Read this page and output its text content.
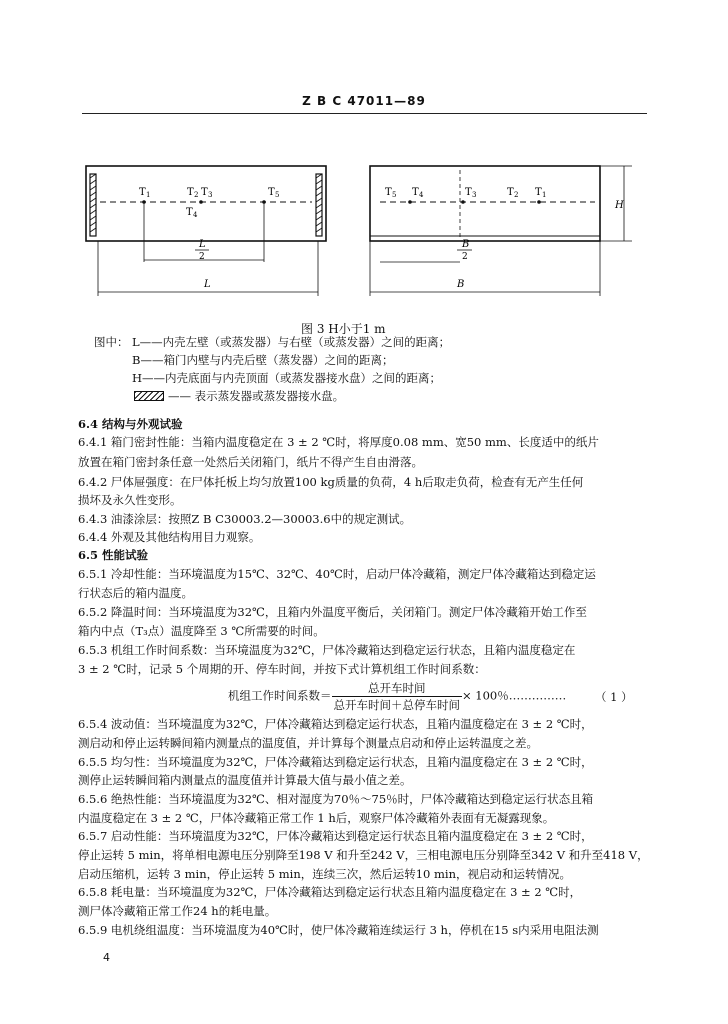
Z B C 47011—89
T 1	T 2 T 3
T 4
T 5
L
2
L
T 5 T 4	T 3	T 2 T 1
B
2
B
H
图 3 H小于1 m
图中： L——内壳左壁（或蒸发器）与右壁（或蒸发器）之间的距离；
B——箱门内壁与内壳后壁（蒸发器）之间的距离；
H——内壳底面与内壳顶面（或蒸发器接水盘）之间的距离；
—— 表示蒸发器或蒸发器接水盘。
6.4 结构与外观试验
6.4.1 箱门密封性能：当箱内温度稳定在 3 ± 2 ℃时，将厚度0.08 mm、宽50 mm、长度适中的纸片
放置在箱门密封条任意一处然后关闭箱门，纸片不得产生自由滑落。
6.4.2 尸体屉强度：在尸体托板上均匀放置100 kg质量的负荷，4 h后取走负荷，检查有无产生任何
损坏及永久性变形。
6.4.3 油漆涂层：按照Z B C30003.2—30003.6中的规定测试。
6.4.4 外观及其他结构用目力观察。
6.5 性能试验
6.5.1 冷却性能：当环境温度为15℃、32℃、40℃时，启动尸体冷藏箱，测定尸体冷藏箱达到稳定运
行状态后的箱内温度。
6.5.2 降温时间：当环境温度为32℃，且箱内外温度平衡后，关闭箱门。测定尸体冷藏箱开始工作至
箱内中点（T₃点）温度降至 3 ℃所需要的时间。
6.5.3 机组工作时间系数：当环境温度为32℃，尸体冷藏箱达到稳定运行状态，且箱内温度稳定在
3 ± 2 ℃时，记录 5 个周期的开、停车时间，并按下式计算机组工作时间系数：
机组工作时间系数＝ $\frac{\text{总开车时间}}{\text{总开车时间＋总停车时间}} \times 100$％……………	（ 1 ）
6.5.4 波动值：当环境温度为32℃，尸体冷藏箱达到稳定运行状态，且箱内温度稳定在 3 ± 2 ℃时，
测启动和停止运转瞬间箱内测量点的温度值，并计算每个测量点启动和停止运转温度之差。
6.5.5 均匀性：当环境温度为32℃，尸体冷藏箱达到稳定运行状态，且箱内温度稳定在 3 ± 2 ℃时，
测停止运转瞬间箱内测量点的温度值并计算最大值与最小值之差。
6.5.6 绝热性能：当环境温度为32℃、相对湿度为70％～75％时，尸体冷藏箱达到稳定运行状态且箱
内温度稳定在 3 ± 2 ℃，尸体冷藏箱正常工作 1 h后，观察尸体冷藏箱外表面有无凝露现象。
6.5.7 启动性能：当环境温度为32℃，尸体冷藏箱达到稳定运行状态且箱内温度稳定在 3 ± 2 ℃时，
停止运转 5 min，将单相电源电压分别降至198 V 和升至242 V，三相电源电压分别降至342 V 和升至418 V，
启动压缩机，运转 3 min，停止运转 5 min，连续三次，然后运转10 min，视启动和运转情况。
6.5.8 耗电量：当环境温度为32℃，尸体冷藏箱达到稳定运行状态且箱内温度稳定在 3 ± 2 ℃时，
测尸体冷藏箱正常工作24 h的耗电量。
6.5.9 电机绕组温度：当环境温度为40℃时，使尸体冷藏箱连续运行 3 h，停机在15 s内采用电阻法测
4
